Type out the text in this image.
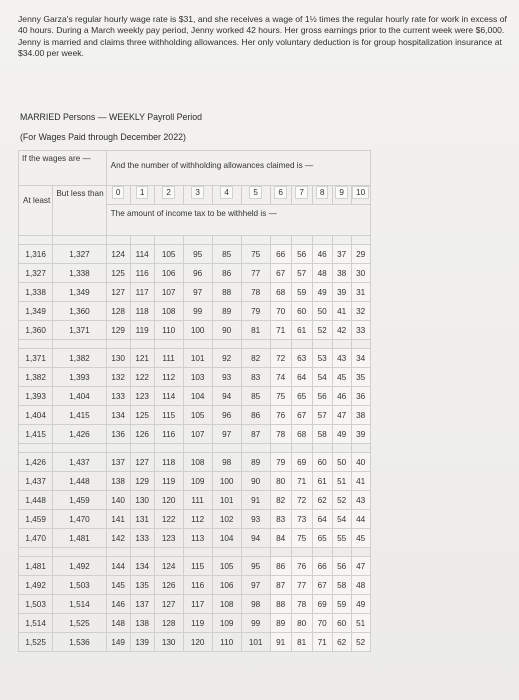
Jenny Garza's regular hourly wage rate is $31, and she receives a wage of 1½ times the regular hourly rate for work in excess of 40 hours. During a March weekly pay period, Jenny worked 42 hours. Her gross earnings prior to the current week were $6,000. Jenny is married and claims three withholding allowances. Her only voluntary deduction is for group hospitalization insurance at $34.00 per week.
MARRIED Persons — WEEKLY Payroll Period
(For Wages Paid through December 2022)
If the wages are —		And the number of withholding allowances claimed is —										
At least	But less than	0	1	2	3	4	5	6	7	8	9	10
		The amount of income tax to be withheld is —										

1,316	1,327	124	114	105	95	85	75	66	56	46	37	29
1,327	1,338	125	116	106	96	86	77	67	57	48	38	30
1,338	1,349	127	117	107	97	88	78	68	59	49	39	31
1,349	1,360	128	118	108	99	89	79	70	60	50	41	32
1,360	1,371	129	119	110	100	90	81	71	61	52	42	33

1,371	1,382	130	121	111	101	92	82	72	63	53	43	34
1,382	1,393	132	122	112	103	93	83	74	64	54	45	35
1,393	1,404	133	123	114	104	94	85	75	65	56	46	36
1,404	1,415	134	125	115	105	96	86	76	67	57	47	38
1,415	1,426	136	126	116	107	97	87	78	68	58	49	39

1,426	1,437	137	127	118	108	98	89	79	69	60	50	40
1,437	1,448	138	129	119	109	100	90	80	71	61	51	41
1,448	1,459	140	130	120	111	101	91	82	72	62	52	43
1,459	1,470	141	131	122	112	102	93	83	73	64	54	44
1,470	1,481	142	133	123	113	104	94	84	75	65	55	45

1,481	1,492	144	134	124	115	105	95	86	76	66	56	47
1,492	1,503	145	135	126	116	106	97	87	77	67	58	48
1,503	1,514	146	137	127	117	108	98	88	78	69	59	49
1,514	1,525	148	138	128	119	109	99	89	80	70	60	51
1,525	1,536	149	139	130	120	110	101	91	81	71	62	52
